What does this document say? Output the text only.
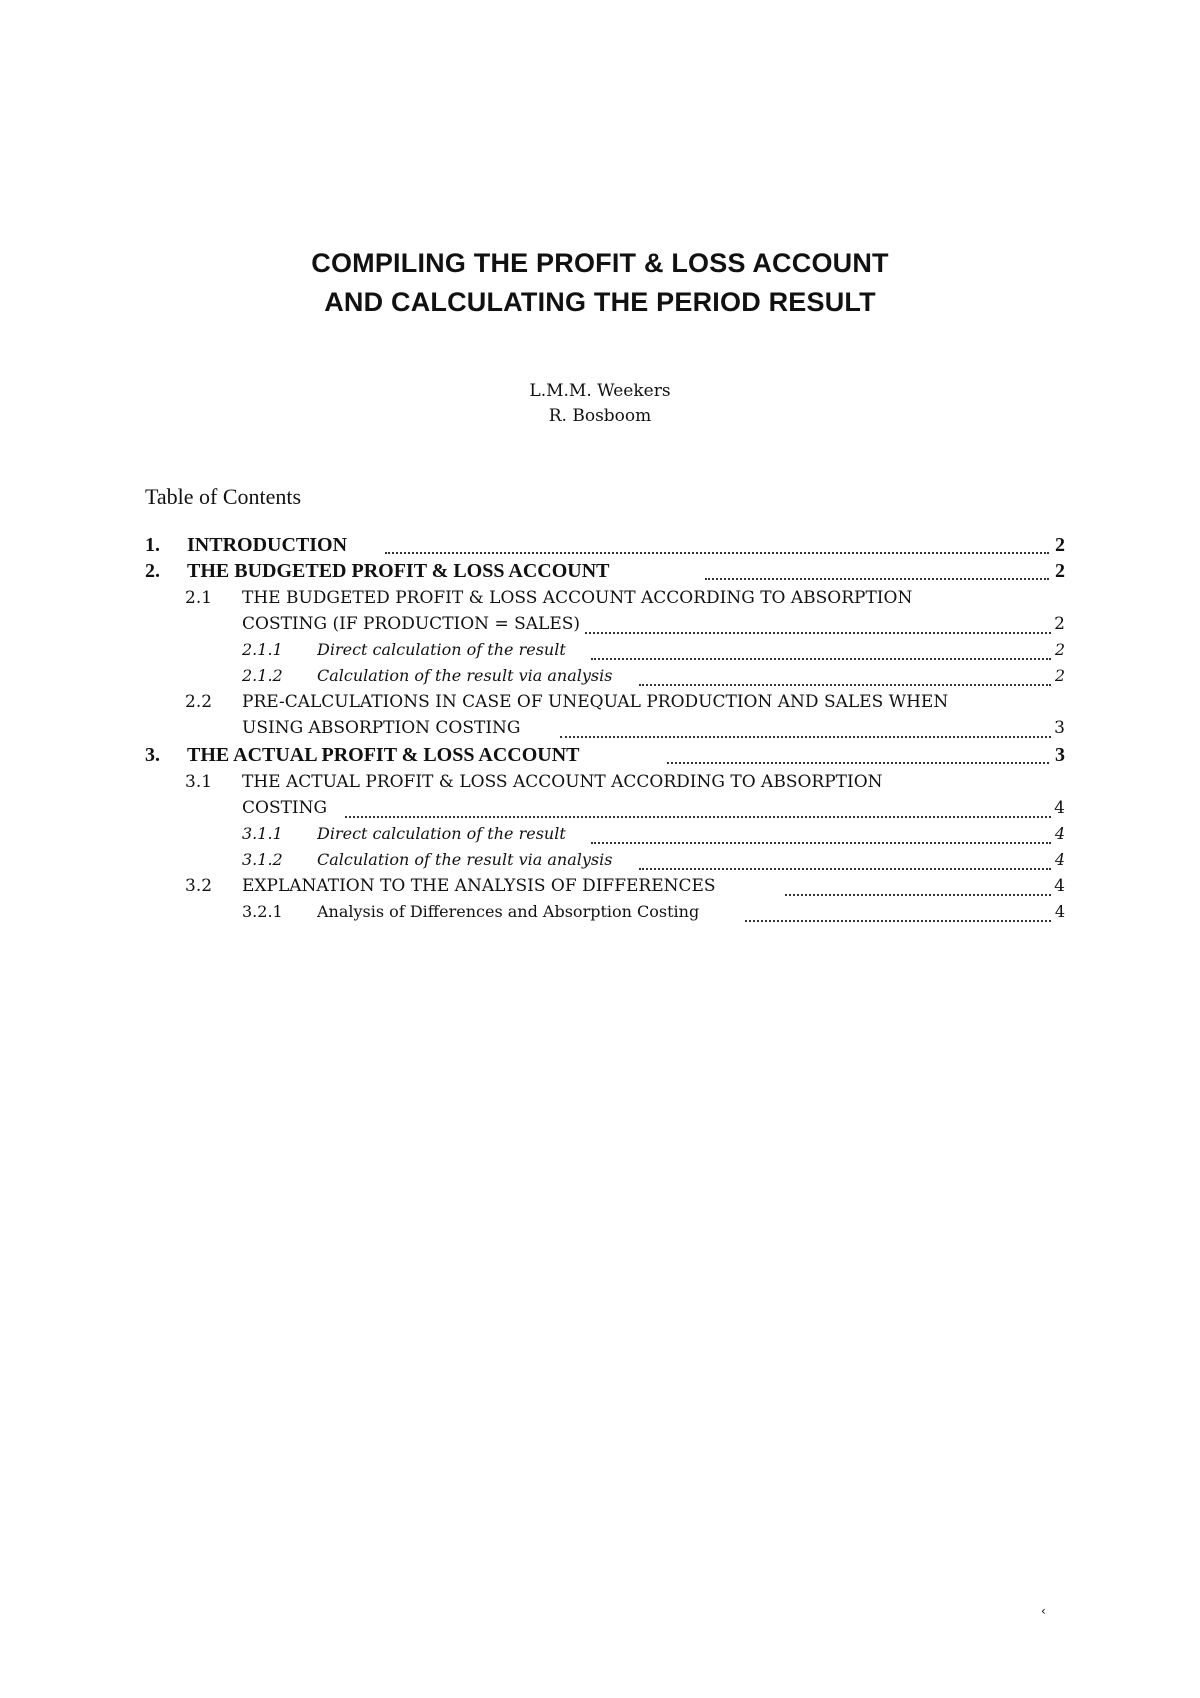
COMPILING THE PROFIT & LOSS ACCOUNT
AND CALCULATING THE PERIOD RESULT
L.M.M. Weekers
R. Bosboom
Table of Contents
1. INTRODUCTION	2
2. THE BUDGETED PROFIT & LOSS ACCOUNT	2
2.1 THE BUDGETED PROFIT & LOSS ACCOUNT ACCORDING TO ABSORPTION
COSTING (IF PRODUCTION = SALES)	2
2.1.1 Direct calculation of the result	2
2.1.2 Calculation of the result via analysis	2
2.2 PRE-CALCULATIONS IN CASE OF UNEQUAL PRODUCTION AND SALES WHEN
USING ABSORPTION COSTING	3
3. THE ACTUAL PROFIT & LOSS ACCOUNT	3
3.1 THE ACTUAL PROFIT & LOSS ACCOUNT ACCORDING TO ABSORPTION
COSTING	4
3.1.1 Direct calculation of the result	4
3.1.2 Calculation of the result via analysis	4
3.2 EXPLANATION TO THE ANALYSIS OF DIFFERENCES	4
3.2.1 Analysis of Differences and Absorption Costing	4
‹
